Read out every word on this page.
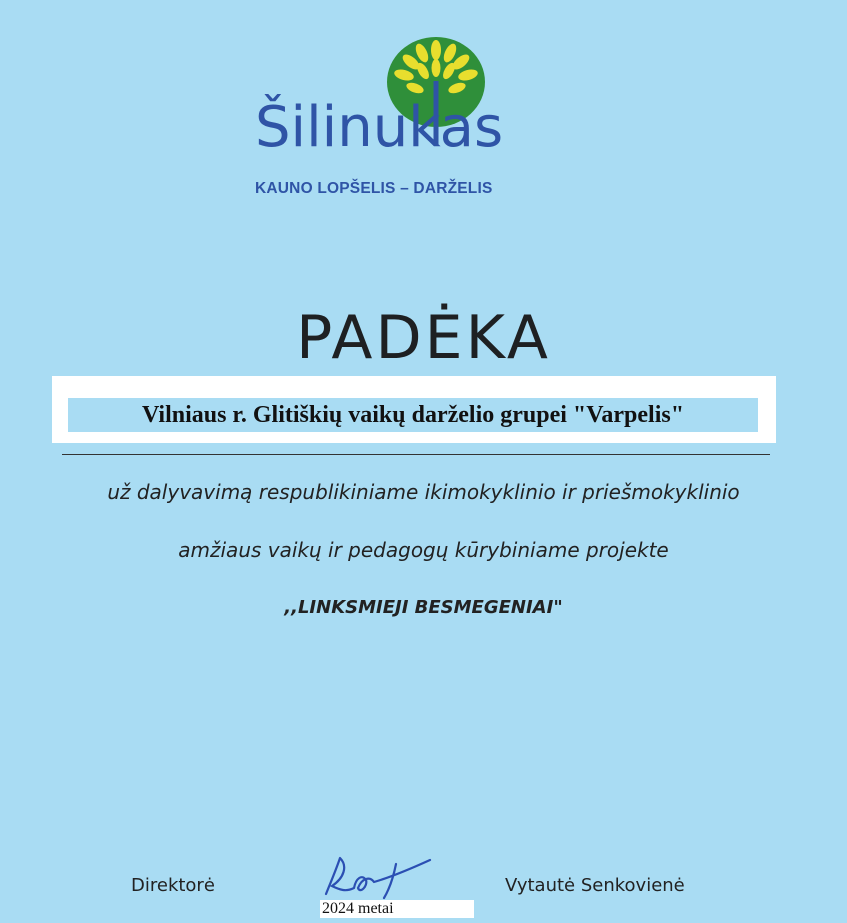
Šilinukas
KAUNO LOPŠELIS – DARŽELIS
PADĖKA
Vilniaus r. Glitiškių vaikų darželio grupei "Varpelis"
už dalyvavimą respublikiniame ikimokyklinio ir priešmokyklinio
amžiaus vaikų ir pedagogų kūrybiniame projekte
,,LINKSMIEJI BESMEGENIAI"
Direktorė	Vytautė Senkovienė
2024 metai
